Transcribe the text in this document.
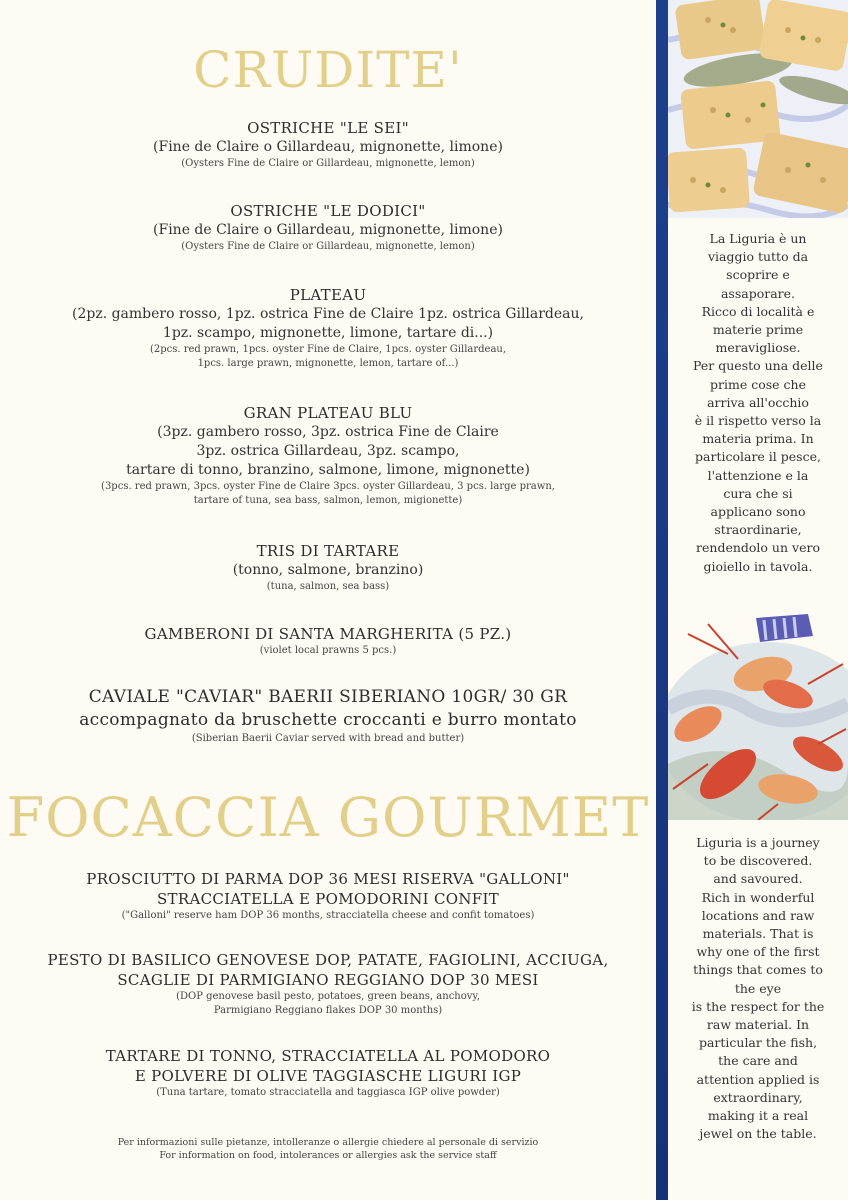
CRUDITE'
OSTRICHE "LE SEI"
(Fine de Claire o Gillardeau, mignonette, limone)
(Oysters Fine de Claire or Gillardeau, mignonette, lemon)
OSTRICHE "LE DODICI"
(Fine de Claire o Gillardeau, mignonette, limone)
(Oysters Fine de Claire or Gillardeau, mignonette, lemon)
PLATEAU
(2pz. gambero rosso, 1pz. ostrica Fine de Claire 1pz. ostrica Gillardeau,
1pz. scampo, mignonette, limone, tartare di...)
(2pcs. red prawn, 1pcs. oyster Fine de Claire, 1pcs. oyster Gillardeau,
1pcs. large prawn, mignonette, lemon, tartare of...)
GRAN PLATEAU BLU
(3pz. gambero rosso, 3pz. ostrica Fine de Claire
3pz. ostrica Gillardeau, 3pz. scampo,
tartare di tonno, branzino, salmone, limone, mignonette)
(3pcs. red prawn, 3pcs. oyster Fine de Claire 3pcs. oyster Gillardeau, 3 pcs. large prawn,
tartare of tuna, sea bass, salmon, lemon, migionette)
TRIS DI TARTARE
(tonno, salmone, branzino)
(tuna, salmon, sea bass)
GAMBERONI DI SANTA MARGHERITA (5 PZ.)
(violet local prawns 5 pcs.)
CAVIALE "CAVIAR" BAERII SIBERIANO 10GR/ 30 GR
accompagnato da bruschette croccanti e burro montato
(Siberian Baerii Caviar served with bread and butter)
FOCACCIA GOURMET
PROSCIUTTO DI PARMA DOP 36 MESI RISERVA "GALLONI"
STRACCIATELLA E POMODORINI CONFIT
("Galloni" reserve ham DOP 36 months, stracciatella cheese and confit tomatoes)
PESTO DI BASILICO GENOVESE DOP, PATATE, FAGIOLINI, ACCIUGA,
SCAGLIE DI PARMIGIANO REGGIANO DOP 30 MESI
(DOP genovese basil pesto, potatoes, green beans, anchovy,
Parmigiano Reggiano flakes DOP 30 months)
TARTARE DI TONNO, STRACCIATELLA AL POMODORO
E POLVERE DI OLIVE TAGGIASCHE LIGURI IGP
(Tuna tartare, tomato stracciatella and taggiasca IGP olive powder)
Per informazioni sulle pietanze, intolleranze o allergie chiedere al personale di servizio
For information on food, intolerances or allergies ask the service staff
La Liguria è un
viaggio tutto da
scoprire e
assaporare.
Ricco di località e
materie prime
meravigliose.
Per questo una delle
prime cose che
arriva all'occhio
è il rispetto verso la
materia prima. In
particolare il pesce,
l'attenzione e la
cura che si
applicano sono
straordinarie,
rendendolo un vero
gioiello in tavola.
Liguria is a journey
to be discovered.
and savoured.
Rich in wonderful
locations and raw
materials. That is
why one of the first
things that comes to
the eye
is the respect for the
raw material. In
particular the fish,
the care and
attention applied is
extraordinary,
making it a real
jewel on the table.
